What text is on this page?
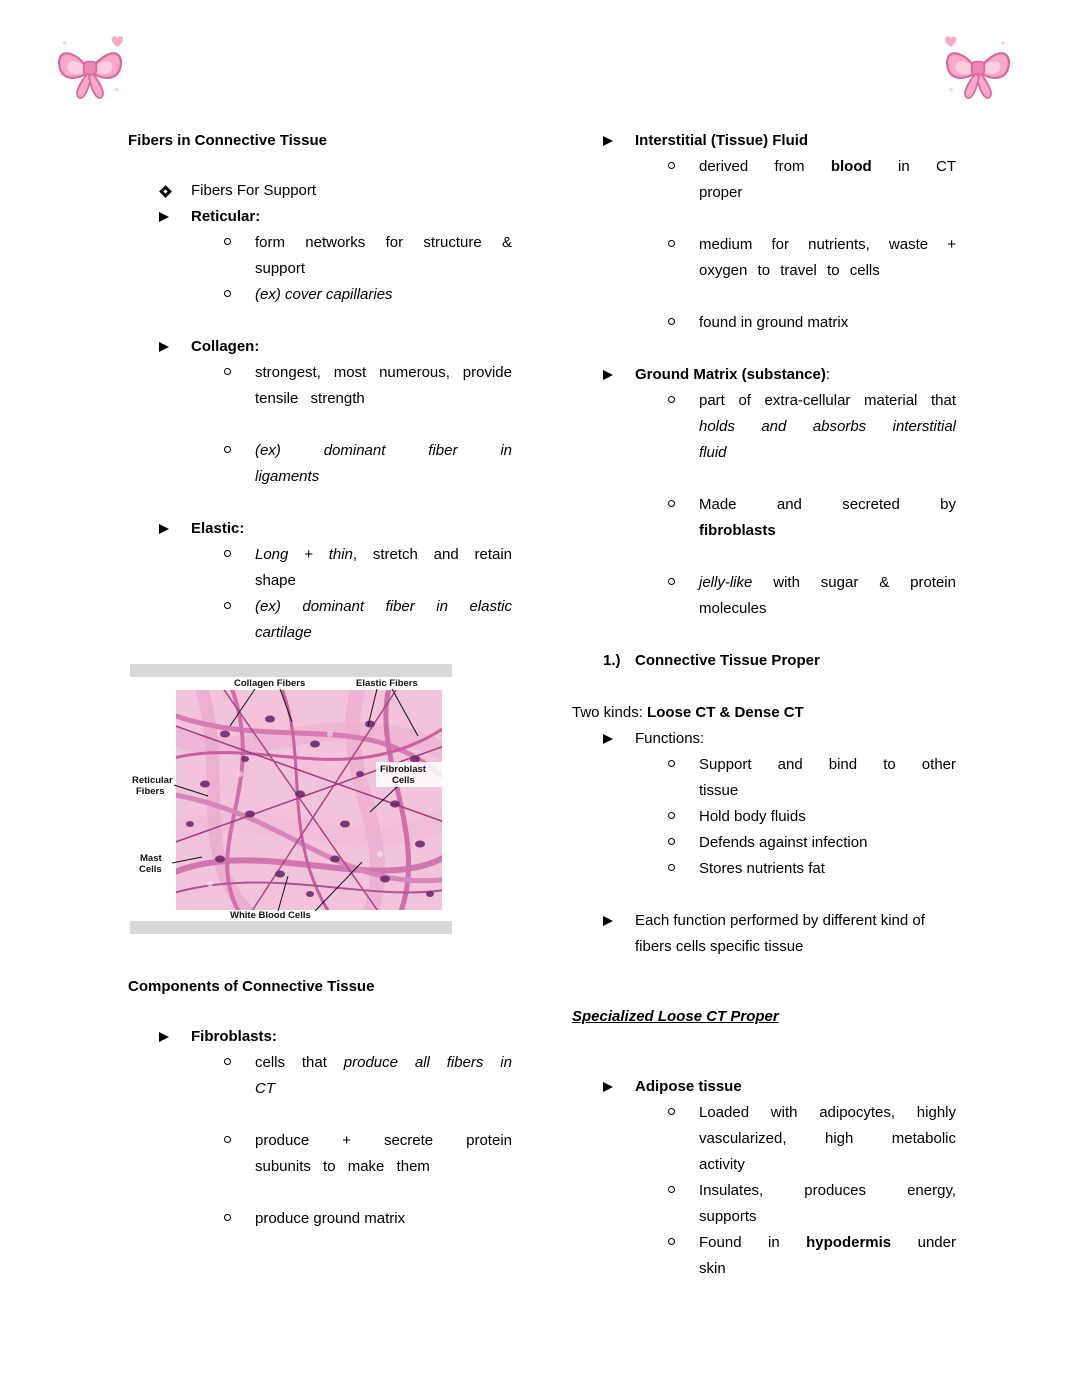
Fibers in Connective Tissue
Fibers For Support
Reticular:
form networks for structure & support
(ex) cover capillaries
Collagen:
strongest, most numerous, provide tensile strength
(ex) dominant fiber in ligaments
Elastic:
Long + thin, stretch and retain shape
(ex) dominant fiber in elastic cartilage
Collagen Fibers	Elastic Fibers
Reticular
Fibers
Fibroblast
Cells
Mast
Cells
White Blood Cells
Components of Connective Tissue
Fibroblasts:
cells that produce all fibers in CT
produce + secrete protein subunits to make them
produce ground matrix
Interstitial (Tissue) Fluid
derived from blood in CT proper
medium for nutrients, waste + oxygen to travel to cells
found in ground matrix
Ground Matrix (substance):
part of extra-cellular material that holds and absorbs interstitial fluid
Made and secreted by fibroblasts
jelly-like with sugar & protein molecules
1.) Connective Tissue Proper
Two kinds: Loose CT & Dense CT
Functions:
Support and bind to other tissue
Hold body fluids
Defends against infection
Stores nutrients fat
Each function performed by different kind of fibers cells specific tissue
Specialized Loose CT Proper
Adipose tissue
Loaded with adipocytes, highly vascularized, high metabolic activity
Insulates, produces energy, supports
Found in hypodermis under skin
